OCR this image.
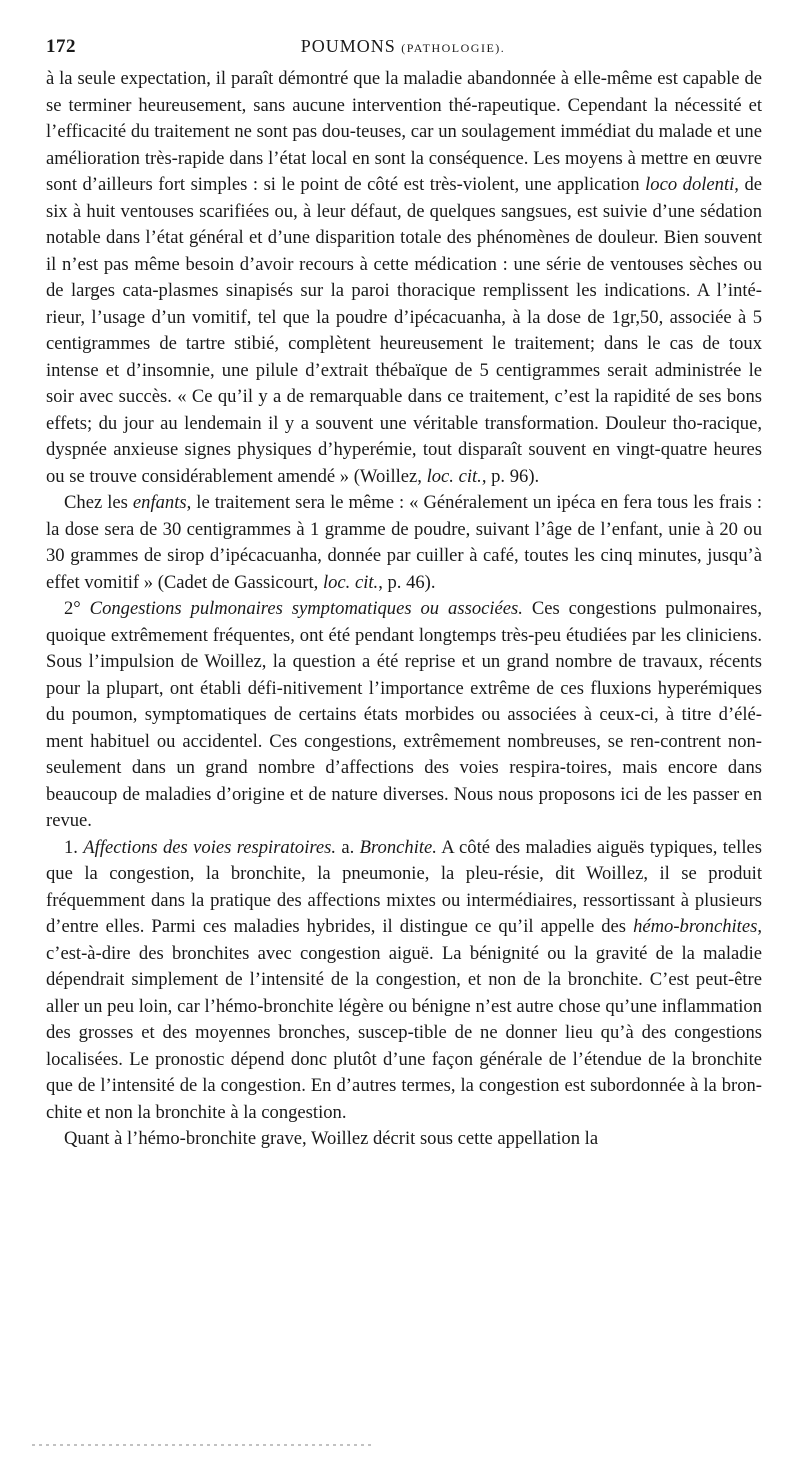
172	POUMONS (PATHOLOGIE).

à la seule expectation, il paraît démontré que la maladie abandonnée à elle-même est capable de se terminer heureusement, sans aucune intervention thé-rapeutique. Cependant la nécessité et l’efficacité du traitement ne sont pas dou-teuses, car un soulagement immédiat du malade et une amélioration très-rapide dans l’état local en sont la conséquence. Les moyens à mettre en œuvre sont d’ailleurs fort simples : si le point de côté est très-violent, une application loco dolenti, de six à huit ventouses scarifiées ou, à leur défaut, de quelques sangsues, est suivie d’une sédation notable dans l’état général et d’une disparition totale des phénomènes de douleur. Bien souvent il n’est pas même besoin d’avoir recours à cette médication : une série de ventouses sèches ou de larges cata-plasmes sinapisés sur la paroi thoracique remplissent les indications. A l’inté-rieur, l’usage d’un vomitif, tel que la poudre d’ipécacuanha, à la dose de 1gr,50, associée à 5 centigrammes de tartre stibié, complètent heureusement le traitement; dans le cas de toux intense et d’insomnie, une pilule d’extrait thébaïque de 5 centigrammes serait administrée le soir avec succès. « Ce qu’il y a de remarquable dans ce traitement, c’est la rapidité de ses bons effets; du jour au lendemain il y a souvent une véritable transformation. Douleur tho-racique, dyspnée anxieuse signes physiques d’hyperémie, tout disparaît souvent en vingt-quatre heures ou se trouve considérablement amendé » (Woillez, loc. cit., p. 96).

Chez les enfants, le traitement sera le même : « Généralement un ipéca en fera tous les frais : la dose sera de 30 centigrammes à 1 gramme de poudre, suivant l’âge de l’enfant, unie à 20 ou 30 grammes de sirop d’ipécacuanha, donnée par cuiller à café, toutes les cinq minutes, jusqu’à effet vomitif » (Cadet de Gassicourt, loc. cit., p. 46).

2° Congestions pulmonaires symptomatiques ou associées. Ces congestions pulmonaires, quoique extrêmement fréquentes, ont été pendant longtemps très-peu étudiées par les cliniciens. Sous l’impulsion de Woillez, la question a été reprise et un grand nombre de travaux, récents pour la plupart, ont établi défi-nitivement l’importance extrême de ces fluxions hyperémiques du poumon, symptomatiques de certains états morbides ou associées à ceux-ci, à titre d’élé-ment habituel ou accidentel. Ces congestions, extrêmement nombreuses, se ren-contrent non-seulement dans un grand nombre d’affections des voies respira-toires, mais encore dans beaucoup de maladies d’origine et de nature diverses. Nous nous proposons ici de les passer en revue.

1. Affections des voies respiratoires. a. Bronchite. A côté des maladies aiguës typiques, telles que la congestion, la bronchite, la pneumonie, la pleu-résie, dit Woillez, il se produit fréquemment dans la pratique des affections mixtes ou intermédiaires, ressortissant à plusieurs d’entre elles. Parmi ces maladies hybrides, il distingue ce qu’il appelle des hémo-bronchites, c’est-à-dire des bronchites avec congestion aiguë. La bénignité ou la gravité de la maladie dépendrait simplement de l’intensité de la congestion, et non de la bronchite. C’est peut-être aller un peu loin, car l’hémo-bronchite légère ou bénigne n’est autre chose qu’une inflammation des grosses et des moyennes bronches, suscep-tible de ne donner lieu qu’à des congestions localisées. Le pronostic dépend donc plutôt d’une façon générale de l’étendue de la bronchite que de l’intensité de la congestion. En d’autres termes, la congestion est subordonnée à la bron-chite et non la bronchite à la congestion.

Quant à l’hémo-bronchite grave, Woillez décrit sous cette appellation la
